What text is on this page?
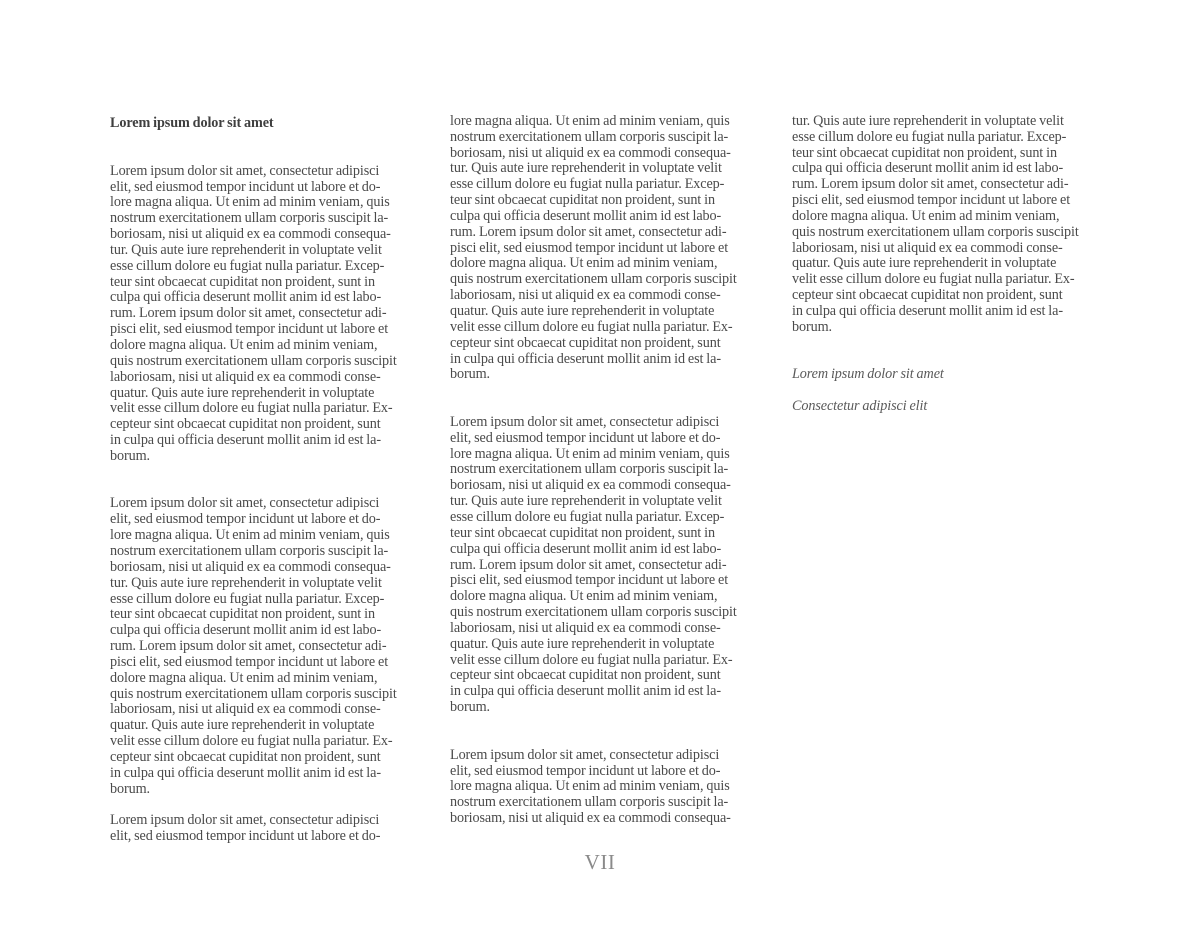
Lorem ipsum dolor sit amet

Lorem ipsum dolor sit amet, consectetur adipisci
elit, sed eiusmod tempor incidunt ut labore et do-
lore magna aliqua. Ut enim ad minim veniam, quis
nostrum exercitationem ullam corporis suscipit la-
boriosam, nisi ut aliquid ex ea commodi consequa-
tur. Quis aute iure reprehenderit in voluptate velit
esse cillum dolore eu fugiat nulla pariatur. Excep-
teur sint obcaecat cupiditat non proident, sunt in
culpa qui officia deserunt mollit anim id est labo-
rum. Lorem ipsum dolor sit amet, consectetur adi-
pisci elit, sed eiusmod tempor incidunt ut labore et
dolore magna aliqua. Ut enim ad minim veniam,
quis nostrum exercitationem ullam corporis suscipit
laboriosam, nisi ut aliquid ex ea commodi conse-
quatur. Quis aute iure reprehenderit in voluptate
velit esse cillum dolore eu fugiat nulla pariatur. Ex-
cepteur sint obcaecat cupiditat non proident, sunt
in culpa qui officia deserunt mollit anim id est la-
borum.

Lorem ipsum dolor sit amet, consectetur adipisci
elit, sed eiusmod tempor incidunt ut labore et do-
lore magna aliqua. Ut enim ad minim veniam, quis
nostrum exercitationem ullam corporis suscipit la-
boriosam, nisi ut aliquid ex ea commodi consequa-
tur. Quis aute iure reprehenderit in voluptate velit
esse cillum dolore eu fugiat nulla pariatur. Excep-
teur sint obcaecat cupiditat non proident, sunt in
culpa qui officia deserunt mollit anim id est labo-
rum. Lorem ipsum dolor sit amet, consectetur adi-
pisci elit, sed eiusmod tempor incidunt ut labore et
dolore magna aliqua. Ut enim ad minim veniam,
quis nostrum exercitationem ullam corporis suscipit
laboriosam, nisi ut aliquid ex ea commodi conse-
quatur. Quis aute iure reprehenderit in voluptate
velit esse cillum dolore eu fugiat nulla pariatur. Ex-
cepteur sint obcaecat cupiditat non proident, sunt
in culpa qui officia deserunt mollit anim id est la-
borum.

Lorem ipsum dolor sit amet, consectetur adipisci
elit, sed eiusmod tempor incidunt ut labore et do-

lore magna aliqua. Ut enim ad minim veniam, quis
nostrum exercitationem ullam corporis suscipit la-
boriosam, nisi ut aliquid ex ea commodi consequa-
tur. Quis aute iure reprehenderit in voluptate velit
esse cillum dolore eu fugiat nulla pariatur. Excep-
teur sint obcaecat cupiditat non proident, sunt in
culpa qui officia deserunt mollit anim id est labo-
rum. Lorem ipsum dolor sit amet, consectetur adi-
pisci elit, sed eiusmod tempor incidunt ut labore et
dolore magna aliqua. Ut enim ad minim veniam,
quis nostrum exercitationem ullam corporis suscipit
laboriosam, nisi ut aliquid ex ea commodi conse-
quatur. Quis aute iure reprehenderit in voluptate
velit esse cillum dolore eu fugiat nulla pariatur. Ex-
cepteur sint obcaecat cupiditat non proident, sunt
in culpa qui officia deserunt mollit anim id est la-
borum.

Lorem ipsum dolor sit amet, consectetur adipisci
elit, sed eiusmod tempor incidunt ut labore et do-
lore magna aliqua. Ut enim ad minim veniam, quis
nostrum exercitationem ullam corporis suscipit la-
boriosam, nisi ut aliquid ex ea commodi consequa-
tur. Quis aute iure reprehenderit in voluptate velit
esse cillum dolore eu fugiat nulla pariatur. Excep-
teur sint obcaecat cupiditat non proident, sunt in
culpa qui officia deserunt mollit anim id est labo-
rum. Lorem ipsum dolor sit amet, consectetur adi-
pisci elit, sed eiusmod tempor incidunt ut labore et
dolore magna aliqua. Ut enim ad minim veniam,
quis nostrum exercitationem ullam corporis suscipit
laboriosam, nisi ut aliquid ex ea commodi conse-
quatur. Quis aute iure reprehenderit in voluptate
velit esse cillum dolore eu fugiat nulla pariatur. Ex-
cepteur sint obcaecat cupiditat non proident, sunt
in culpa qui officia deserunt mollit anim id est la-
borum.

Lorem ipsum dolor sit amet, consectetur adipisci
elit, sed eiusmod tempor incidunt ut labore et do-
lore magna aliqua. Ut enim ad minim veniam, quis
nostrum exercitationem ullam corporis suscipit la-
boriosam, nisi ut aliquid ex ea commodi consequa-

tur. Quis aute iure reprehenderit in voluptate velit
esse cillum dolore eu fugiat nulla pariatur. Excep-
teur sint obcaecat cupiditat non proident, sunt in
culpa qui officia deserunt mollit anim id est labo-
rum. Lorem ipsum dolor sit amet, consectetur adi-
pisci elit, sed eiusmod tempor incidunt ut labore et
dolore magna aliqua. Ut enim ad minim veniam,
quis nostrum exercitationem ullam corporis suscipit
laboriosam, nisi ut aliquid ex ea commodi conse-
quatur. Quis aute iure reprehenderit in voluptate
velit esse cillum dolore eu fugiat nulla pariatur. Ex-
cepteur sint obcaecat cupiditat non proident, sunt
in culpa qui officia deserunt mollit anim id est la-
borum.

Lorem ipsum dolor sit amet

Consectetur adipisci elit

VII
